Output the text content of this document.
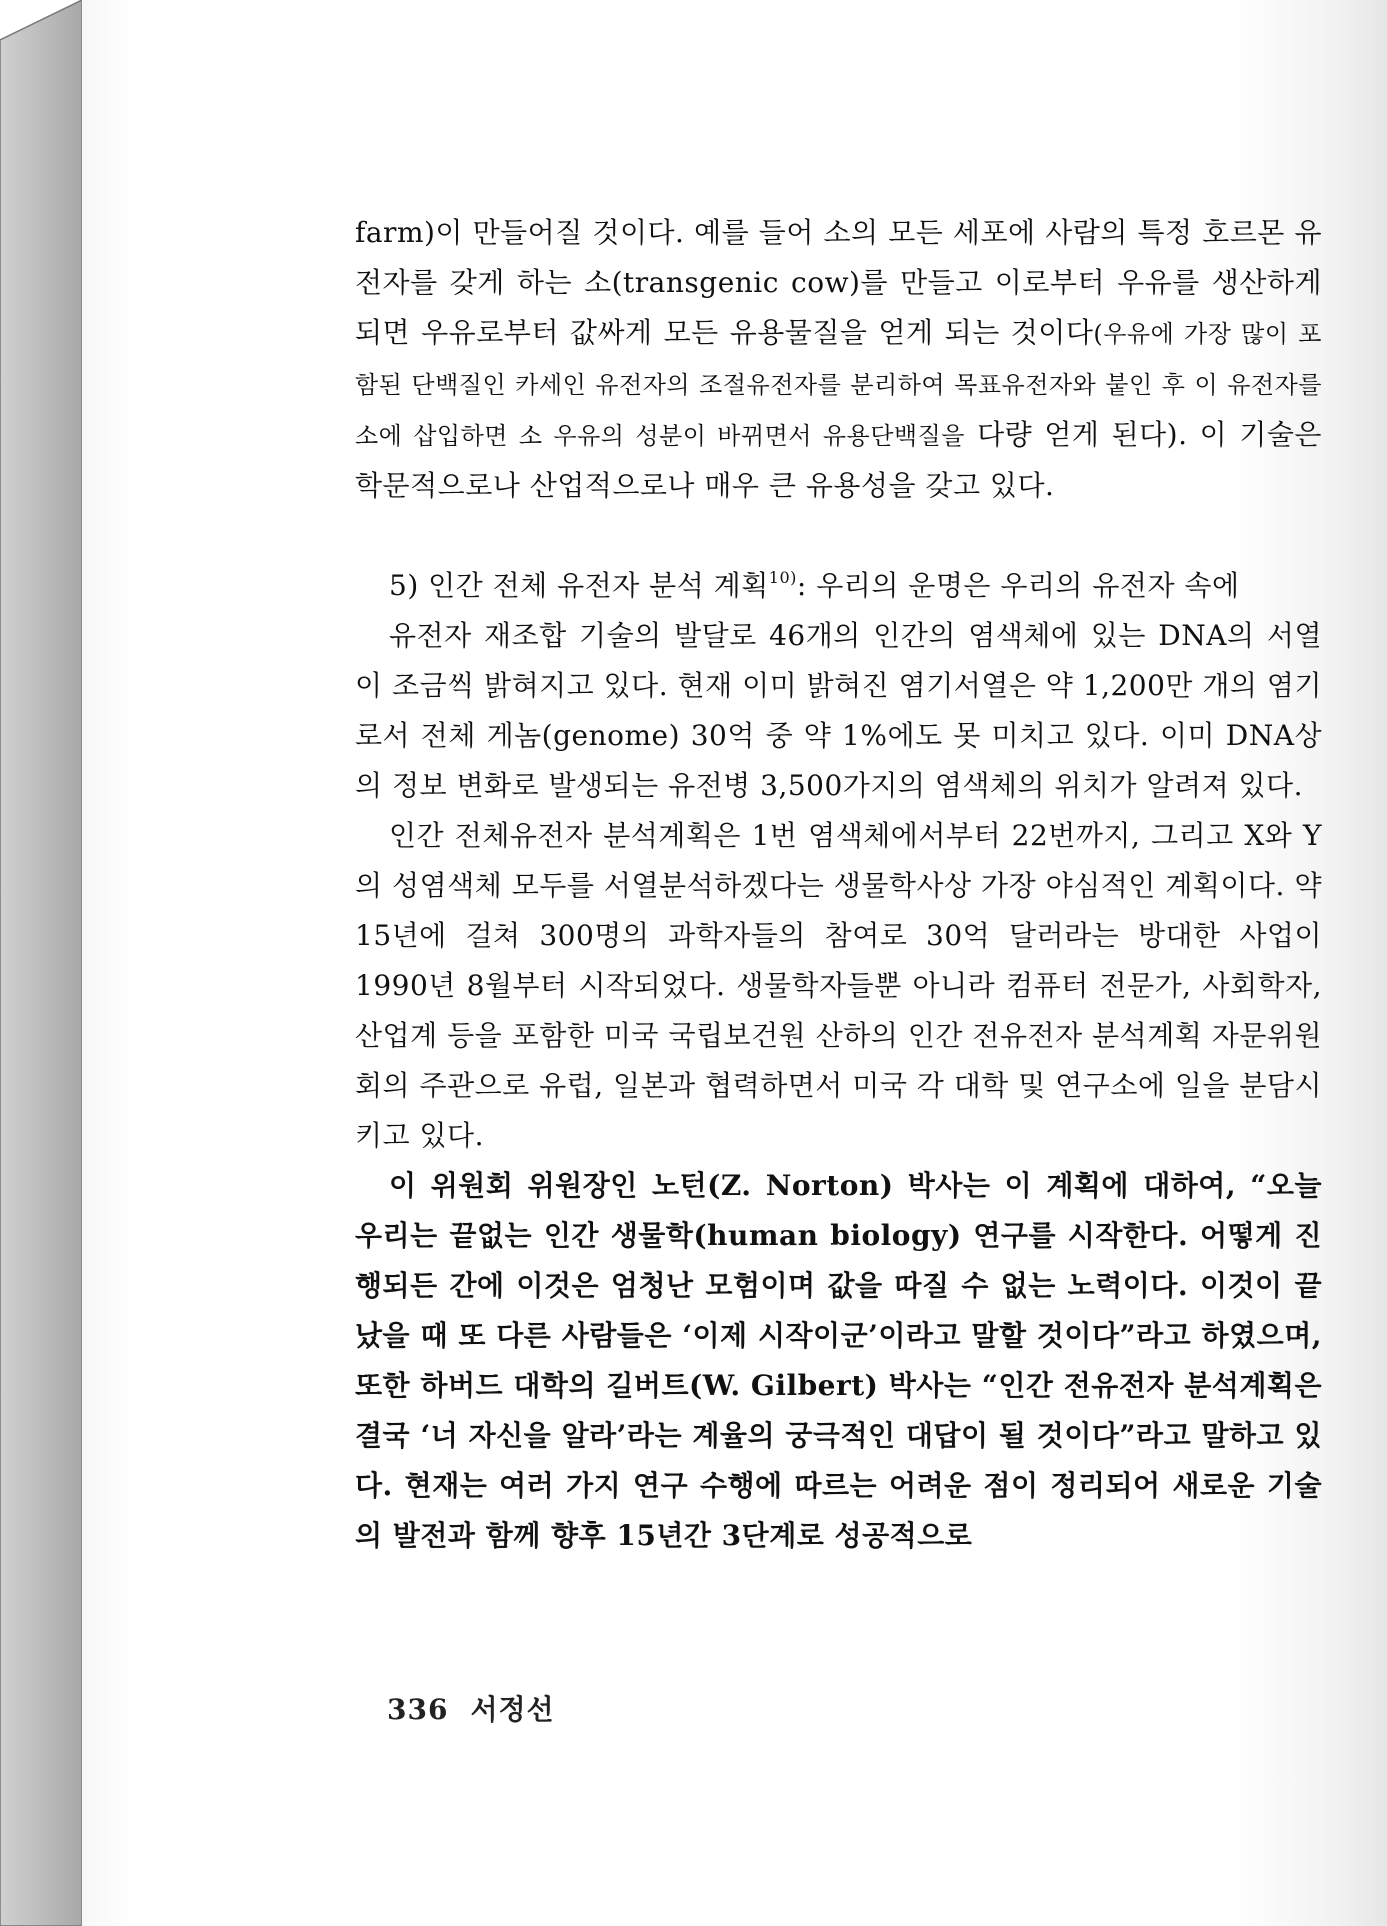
farm)이 만들어질 것이다. 예를 들어 소의 모든 세포에 사람의 특정 호르몬 유전자를 갖게 하는 소(transgenic cow)를 만들고 이로부터 우유를 생산하게 되면 우유로부터 값싸게 모든 유용물질을 얻게 되는 것이다(우유에 가장 많이 포함된 단백질인 카세인 유전자의 조절유전자를 분리하여 목표유전자와 붙인 후 이 유전자를 소에 삽입하면 소 우유의 성분이 바뀌면서 유용단백질을 다량 얻게 된다). 이 기술은 학문적으로나 산업적으로나 매우 큰 유용성을 갖고 있다.

5) 인간 전체 유전자 분석 계획$^{10)}$: 우리의 운명은 우리의 유전자 속에

유전자 재조합 기술의 발달로 46개의 인간의 염색체에 있는 DNA의 서열이 조금씩 밝혀지고 있다. 현재 이미 밝혀진 염기서열은 약 1,200만 개의 염기로서 전체 게놈(genome) 30억 중 약 1%에도 못 미치고 있다. 이미 DNA상의 정보 변화로 발생되는 유전병 3,500가지의 염색체의 위치가 알려져 있다.

인간 전체유전자 분석계획은 1번 염색체에서부터 22번까지, 그리고 X와 Y의 성염색체 모두를 서열분석하겠다는 생물학사상 가장 야심적인 계획이다. 약 15년에 걸쳐 300명의 과학자들의 참여로 30억 달러라는 방대한 사업이 1990년 8월부터 시작되었다. 생물학자들뿐 아니라 컴퓨터 전문가, 사회학자, 산업계 등을 포함한 미국 국립보건원 산하의 인간 전유전자 분석계획 자문위원회의 주관으로 유럽, 일본과 협력하면서 미국 각 대학 및 연구소에 일을 분담시키고 있다.

이 위원회 위원장인 노턴(Z. Norton) 박사는 이 계획에 대하여, “오늘 우리는 끝없는 인간 생물학(human biology) 연구를 시작한다. 어떻게 진행되든 간에 이것은 엄청난 모험이며 값을 따질 수 없는 노력이다. 이것이 끝났을 때 또 다른 사람들은 ‘이제 시작이군’이라고 말할 것이다”라고 하였으며, 또한 하버드 대학의 길버트(W. Gilbert) 박사는 “인간 전유전자 분석계획은 결국 ‘너 자신을 알라’라는 계율의 궁극적인 대답이 될 것이다”라고 말하고 있다. 현재는 여러 가지 연구 수행에 따르는 어려운 점이 정리되어 새로운 기술의 발전과 함께 향후 15년간 3단계로 성공적으로

336 서정선
